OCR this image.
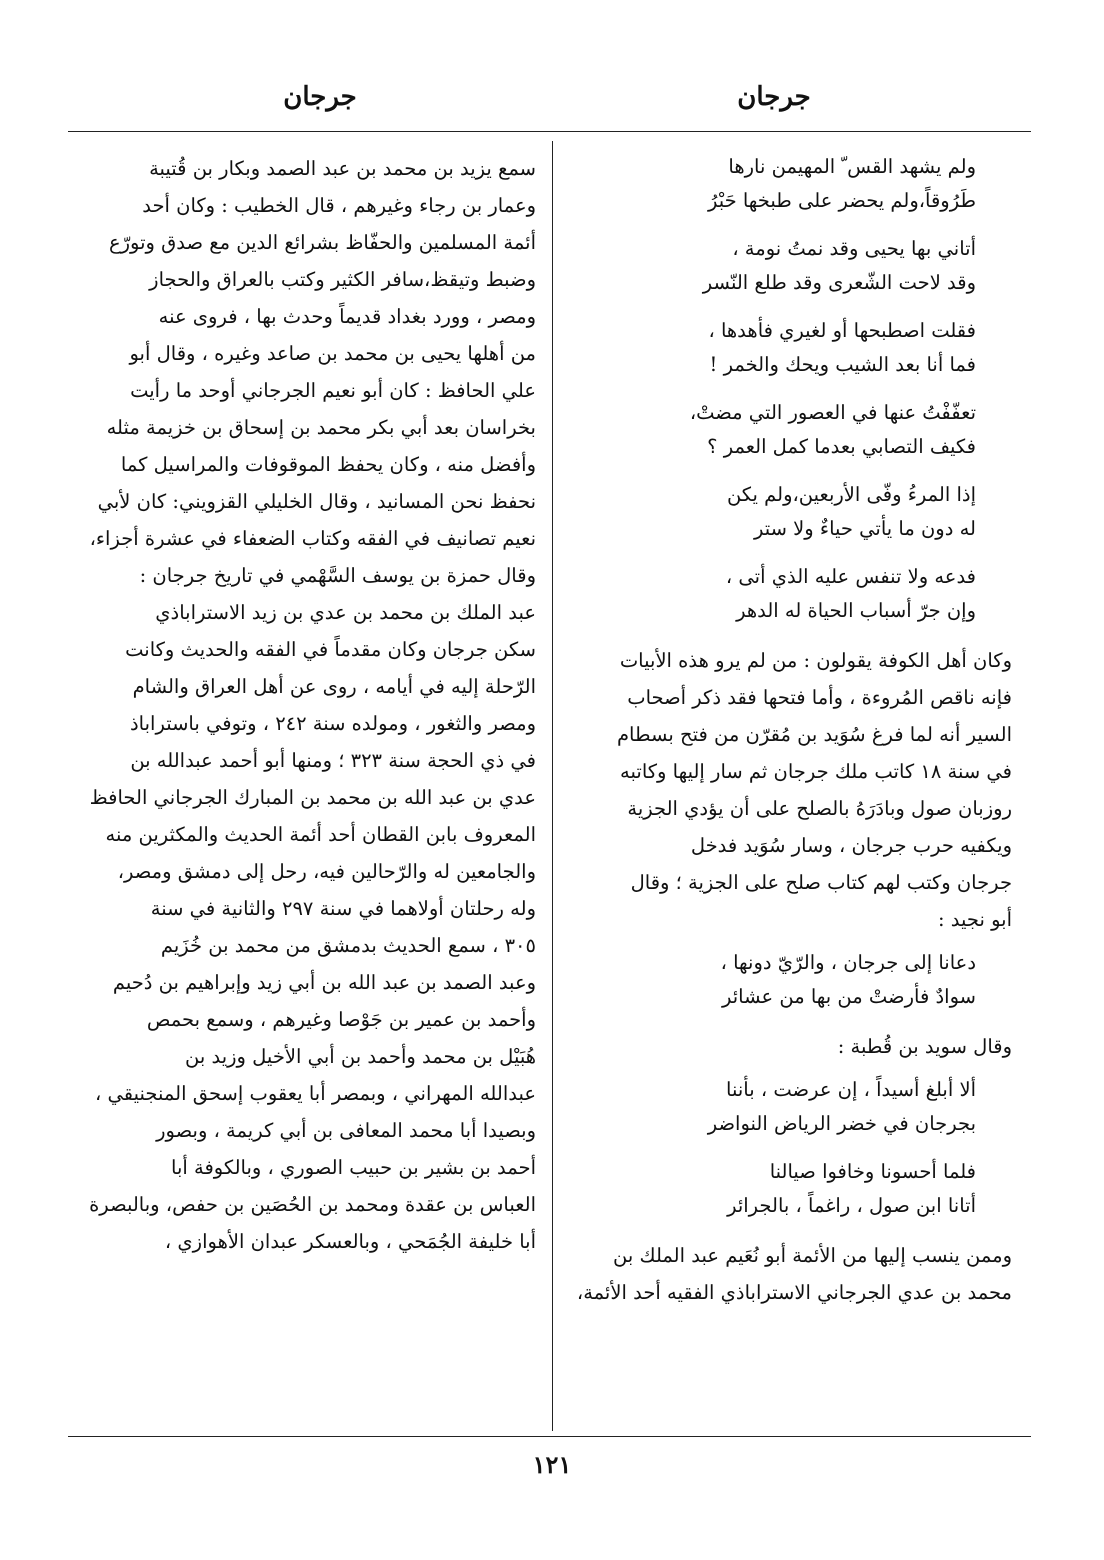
جرجان
جرجان
ولم يشهد القس ّ المهيمن نارها
طَرُوقاً،ولم يحضر على طبخها حَبْرُ
أتاني بها يحيى وقد نمتُ نومة ،
وقد لاحت الشّعرى وقد طلع النّسر
فقلت اصطبحها أو لغيري فأهدها ،
فما أنا بعد الشيب ويحك والخمر !
تعفّفْتُ عنها في العصور التي مضتْ،
فكيف التصابي بعدما كمل العمر ؟
إذا المرءُ وفّى الأربعين،ولم يكن
له دون ما يأتي حياءٌ ولا ستر
فدعه ولا تنفس عليه الذي أتى ،
وإن جرّ أسباب الحياة له الدهر
وكان أهل الكوفة يقولون : من لم يرو هذه الأبيات
فإنه ناقص المُروءة ، وأما فتحها فقد ذكر أصحاب
السير أنه لما فرغ سُوَيد بن مُقرّن من فتح بسطام
في سنة ١٨ كاتب ملك جرجان ثم سار إليها وكاتبه
روزبان صول وبادَرَهُ بالصلح على أن يؤدي الجزية
ويكفيه حرب جرجان ، وسار سُوَيد فدخل
جرجان وكتب لهم كتاب صلح على الجزية ؛ وقال
أبو نجيد :
دعانا إلى جرجان ، والرّيّ دونها ،
سوادٌ فأرضتْ من بها من عشائر
وقال سويد بن قُطبة :
ألا أبلغ أسيداً ، إن عرضت ، بأننا
بجرجان في خضر الرياض النواضر
فلما أحسونا وخافوا صيالنا
أتانا ابن صول ، راغماً ، بالجرائر
وممن ينسب إليها من الأئمة أبو نُعَيم عبد الملك بن
محمد بن عدي الجرجاني الاستراباذي الفقيه أحد الأئمة،
سمع يزيد بن محمد بن عبد الصمد وبكار بن قُتيبة
وعمار بن رجاء وغيرهم ، قال الخطيب : وكان أحد
أئمة المسلمين والحفّاظ بشرائع الدين مع صدق وتورّع
وضبط وتيقظ،سافر الكثير وكتب بالعراق والحجاز
ومصر ، وورد بغداد قديماً وحدث بها ، فروى عنه
من أهلها يحيى بن محمد بن صاعد وغيره ، وقال أبو
علي الحافظ : كان أبو نعيم الجرجاني أوحد ما رأيت
بخراسان بعد أبي بكر محمد بن إسحاق بن خزيمة مثله
وأفضل منه ، وكان يحفظ الموقوفات والمراسيل كما
نحفظ نحن المسانيد ، وقال الخليلي القزويني: كان لأبي
نعيم تصانيف في الفقه وكتاب الضعفاء في عشرة أجزاء،
وقال حمزة بن يوسف السَّهْمي في تاريخ جرجان :
عبد الملك بن محمد بن عدي بن زيد الاستراباذي
سكن جرجان وكان مقدماً في الفقه والحديث وكانت
الرّحلة إليه في أيامه ، روى عن أهل العراق والشام
ومصر والثغور ، ومولده سنة ٢٤٢ ، وتوفي باستراباذ
في ذي الحجة سنة ٣٢٣ ؛ ومنها أبو أحمد عبدالله بن
عدي بن عبد الله بن محمد بن المبارك الجرجاني الحافظ
المعروف بابن القطان أحد أئمة الحديث والمكثرين منه
والجامعين له والرّحالين فيه، رحل إلى دمشق ومصر،
وله رحلتان أولاهما في سنة ٢٩٧ والثانية في سنة
٣٠٥ ، سمع الحديث بدمشق من محمد بن خُزَيم
وعبد الصمد بن عبد الله بن أبي زيد وإبراهيم بن دُحيم
وأحمد بن عمير بن جَوْصا وغيرهم ، وسمع بحمص
هُبَيْل بن محمد وأحمد بن أبي الأخيل وزيد بن
عبدالله المهراني ، وبمصر أبا يعقوب إسحق المنجنيقي ،
وبصيدا أبا محمد المعافى بن أبي كريمة ، وبصور
أحمد بن بشير بن حبيب الصوري ، وبالكوفة أبا
العباس بن عقدة ومحمد بن الحُصَين بن حفص، وبالبصرة
أبا خليفة الجُمَحي ، وبالعسكر عبدان الأهوازي ،
١٢١
